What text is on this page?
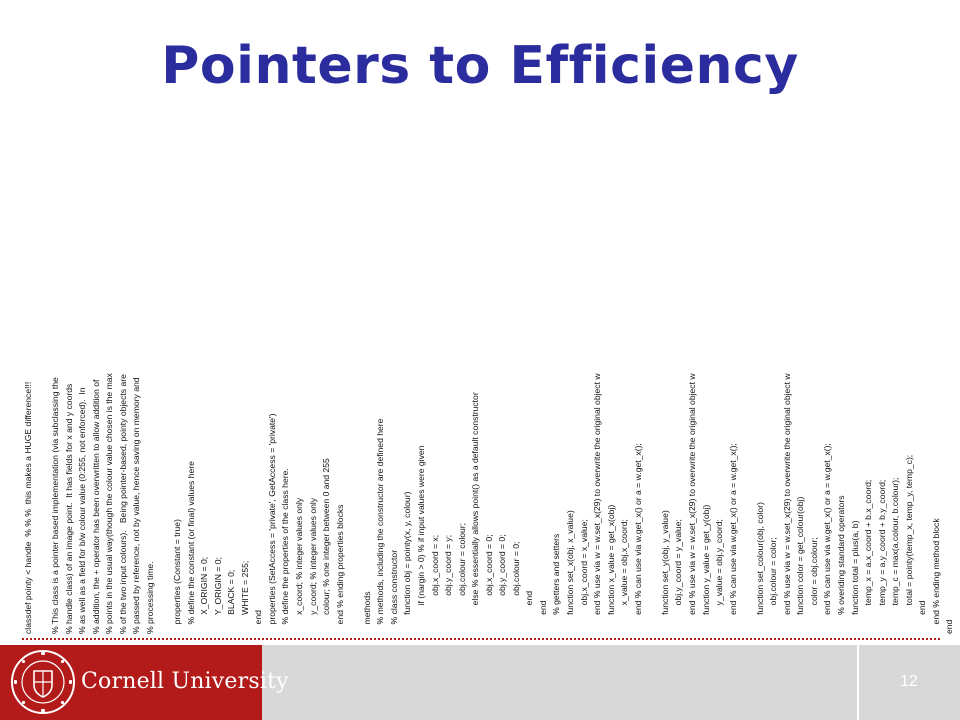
Pointers to Efficiency
classdef pointy < handle  % % %  this makes a HUGE difference!!! % This class is a pointer based implementation (via subclassing the % handle class) of an image point.  It has fields for x and y coords % as well as a field for b/w colour value (0:255, not enforced).  In % addition, the + operator has been overwritten to allow addition of % points in the usual way(though the colour value chosen is the max % of the two input colours).   Being pointer-based, pointy objects are % passed by reference, not by value, hence saving on memory and % processing time. properties (Constant = true) % define the constant (or final) values here X_ORIGIN = 0; Y_ORIGIN = 0; BLACK = 0; WHITE = 255; end properties (SetAccess = 'private', GetAccess = 'private') % define the properties of the class here. x_coord; % integer values only y_coord; % integer values only colour; % one integer between 0 and 255 end % ending properties blocks methods % methods, including the constructor are defined here % class constructor function obj = pointy(x, y, colour) if (nargin > 0) % if input values were given obj.x_coord = x; obj.y_coord = y; obj.colour = colour; else % essentially allows point() as a default constructor obj.x_coord = 0; obj.y_coord = 0; obj.colour = 0; end end % getters and setters function set_x(obj, x_value) obj.x_coord = x_value; end % use via w = w.set_x(29) to overwrite the original object w function x_value = get_x(obj) x_value = obj.x_coord; end % can use via w.get_x() or a = w.get_x(); function set_y(obj, y_value) obj.y_coord = y_value; end % use via w = w.set_x(29) to overwrite the original object w function y_value = get_y(obj) y_value = obj.y_coord; end % can use via w.get_x() or a = w.get_x(); function set_colour(obj, color) obj.colour = color; end % use via w = w.set_x(29) to overwrite the original object w function color = get_colour(obj) color = obj.colour; end % can use via w.get_x() or a = w.get_x(); % overiding standard operators function total = plus(a, b) temp_x = a.x_coord + b.x_coord; temp_y = a.y_coord + b.y_coord; temp_c = max(a.colour, b.colour); total = pointy(temp_x, temp_y, temp_c); end end % ending method block end
Cornell University	12
